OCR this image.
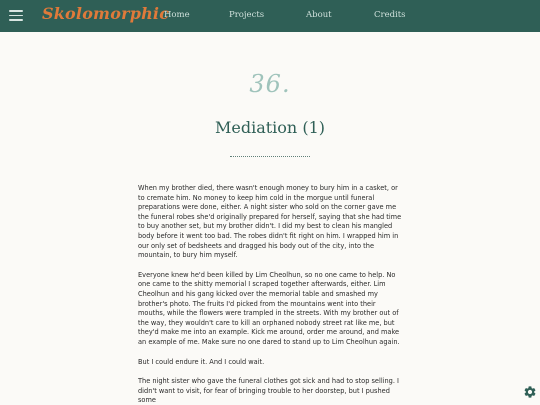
Skolomorphic
Home	Projects	About	Credits
36.
Mediation (1)

When my brother died, there wasn't enough money to bury him in a casket, or to cremate him. No money to keep him cold in the morgue until funeral preparations were done, either. A night sister who sold on the corner gave me the funeral robes she'd originally prepared for herself, saying that she had time to buy another set, but my brother didn't. I did my best to clean his mangled body before it went too bad. The robes didn't fit right on him. I wrapped him in our only set of bedsheets and dragged his body out of the city, into the mountain, to bury him myself.

Everyone knew he'd been killed by Lim Cheolhun, so no one came to help. No one came to the shitty memorial I scraped together afterwards, either. Lim Cheolhun and his gang kicked over the memorial table and smashed my brother's photo. The fruits I'd picked from the mountains went into their mouths, while the flowers were trampled in the streets. With my brother out of the way, they wouldn't care to kill an orphaned nobody street rat like me, but they'd make me into an example. Kick me around, order me around, and make an example of me. Make sure no one dared to stand up to Lim Cheolhun again.

But I could endure it. And I could wait.

The night sister who gave the funeral clothes got sick and had to stop selling. I didn't want to visit, for fear of bringing trouble to her doorstep, but I pushed some
